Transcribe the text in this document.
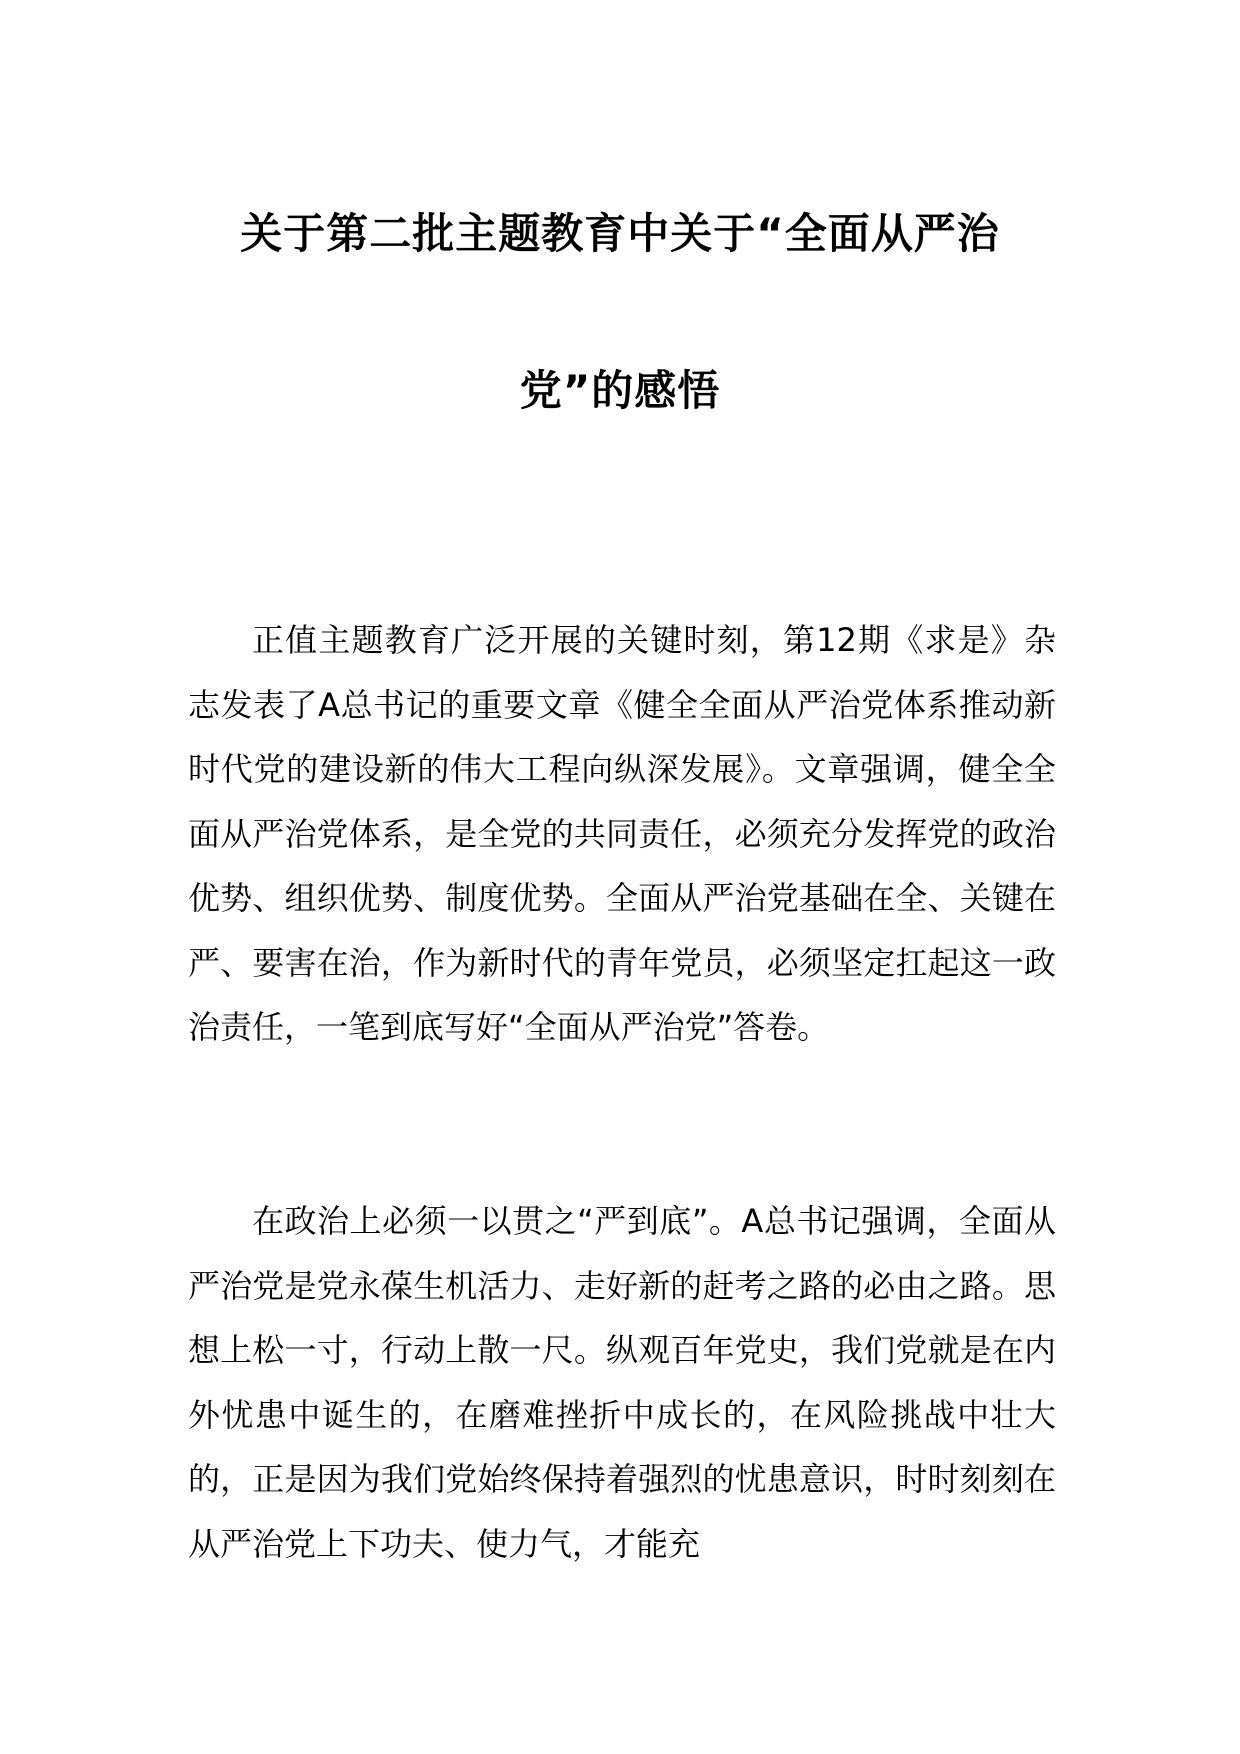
关于第二批主题教育中关于“全面从严治
党”的感悟

正值主题教育广泛开展的关键时刻，第12期《求是》杂志发表了A总书记的重要文章《健全全面从严治党体系推动新时代党的建设新的伟大工程向纵深发展》。文章强调，健全全面从严治党体系，是全党的共同责任，必须充分发挥党的政治优势、组织优势、制度优势。全面从严治党基础在全、关键在严、要害在治，作为新时代的青年党员，必须坚定扛起这一政治责任，一笔到底写好“全面从严治党”答卷。

在政治上必须一以贯之“严到底”。A总书记强调，全面从严治党是党永葆生机活力、走好新的赶考之路的必由之路。思想上松一寸，行动上散一尺。纵观百年党史，我们党就是在内外忧患中诞生的，在磨难挫折中成长的，在风险挑战中壮大的，正是因为我们党始终保持着强烈的忧患意识，时时刻刻在从严治党上下功夫、使力气，才能充
